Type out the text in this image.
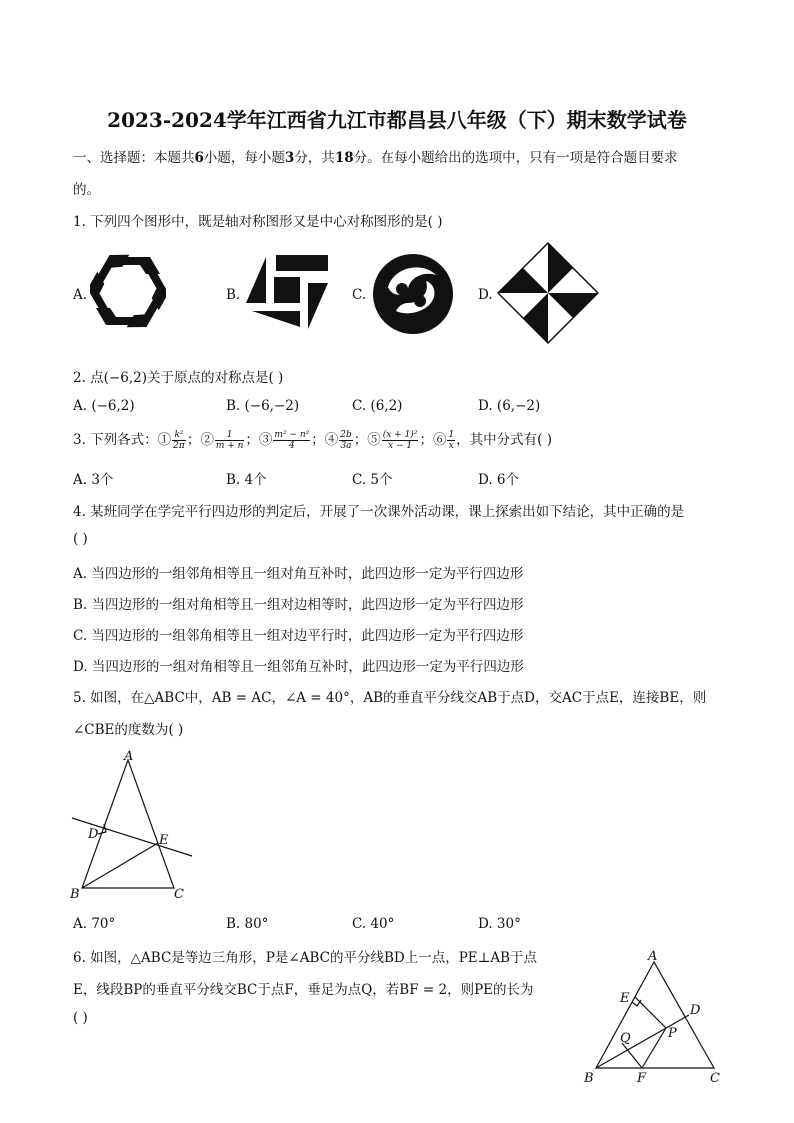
2023-2024学年江西省九江市都昌县八年级（下）期末数学试卷
一、选择题：本题共6小题，每小题3分，共18分。在每小题给出的选项中，只有一项是符合题目要求
的。
1. 下列四个图形中，既是轴对称图形又是中心对称图形的是( )
A.	B.	C.	D.
2. 点(−6,2)关于原点的对称点是( )
A. (−6,2)	B. (−6,−2)	C. (6,2)	D. (6,−2)
3. 下列各式：① $\frac{\text{k²}}{2\pi}$ ；② $\frac{1}{m + n}$ ；③ $\frac{\text{m² − n²}}{4}$ ；④ $\frac{2b}{3a}$ ；⑤ $\frac{\text{(x + 1)²}}{x - 1}$ ；⑥ $\frac{1}{x}$ ，其中分式有( )
A. 3个	B. 4个	C. 5个	D. 6个
4. 某班同学在学完平行四边形的判定后，开展了一次课外活动课，课上探索出如下结论，其中正确的是
( )
A. 当四边形的一组邻角相等且一组对角互补时，此四边形一定为平行四边形
B. 当四边形的一组对角相等且一组对边相等时，此四边形一定为平行四边形
C. 当四边形的一组邻角相等且一组对边平行时，此四边形一定为平行四边形
D. 当四边形的一组对角相等且一组邻角互补时，此四边形一定为平行四边形
5. 如图，在△ABC中，AB = AC，∠A = 40°，AB的垂直平分线交AB于点D，交AC于点E，连接BE，则
∠CBE的度数为( )
A
D	E
B	C
A. 70°	B. 80°	C. 40°	D. 30°
6. 如图，△ABC是等边三角形，P是∠ABC的平分线BD上一点，PE⊥AB于点
E，线段BP的垂直平分线交BC于点F，垂足为点Q，若BF = 2，则PE的长为
( )
A
E
D
P
Q
B	F	C
